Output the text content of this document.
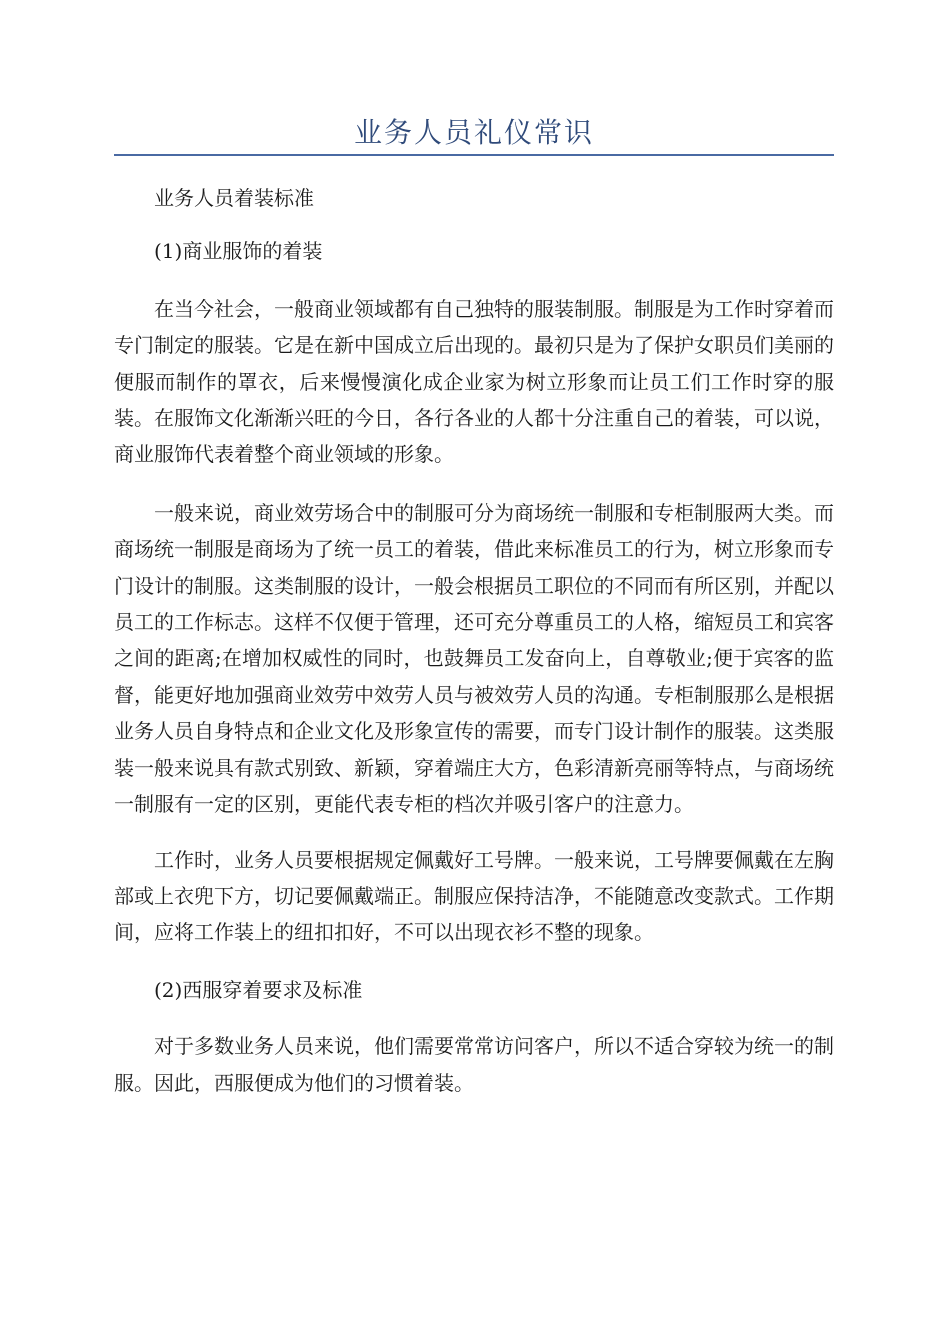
业务人员礼仪常识

业务人员着装标准

(1)商业服饰的着装

在当今社会，一般商业领域都有自己独特的服装制服。制服是为工作时穿着而专门制定的服装。它是在新中国成立后出现的。最初只是为了保护女职员们美丽的便服而制作的罩衣，后来慢慢演化成企业家为树立形象而让员工们工作时穿的服装。在服饰文化渐渐兴旺的今日，各行各业的人都十分注重自己的着装，可以说，商业服饰代表着整个商业领域的形象。

一般来说，商业效劳场合中的制服可分为商场统一制服和专柜制服两大类。而商场统一制服是商场为了统一员工的着装，借此来标准员工的行为，树立形象而专门设计的制服。这类制服的设计，一般会根据员工职位的不同而有所区别，并配以员工的工作标志。这样不仅便于管理，还可充分尊重员工的人格，缩短员工和宾客之间的距离;在增加权威性的同时，也鼓舞员工发奋向上，自尊敬业;便于宾客的监督，能更好地加强商业效劳中效劳人员与被效劳人员的沟通。专柜制服那么是根据业务人员自身特点和企业文化及形象宣传的需要，而专门设计制作的服装。这类服装一般来说具有款式别致、新颖，穿着端庄大方，色彩清新亮丽等特点，与商场统一制服有一定的区别，更能代表专柜的档次并吸引客户的注意力。

工作时，业务人员要根据规定佩戴好工号牌。一般来说，工号牌要佩戴在左胸部或上衣兜下方，切记要佩戴端正。制服应保持洁净，不能随意改变款式。工作期间，应将工作装上的纽扣扣好，不可以出现衣衫不整的现象。

(2)西服穿着要求及标准

对于多数业务人员来说，他们需要常常访问客户，所以不适合穿较为统一的制服。因此，西服便成为他们的习惯着装。
